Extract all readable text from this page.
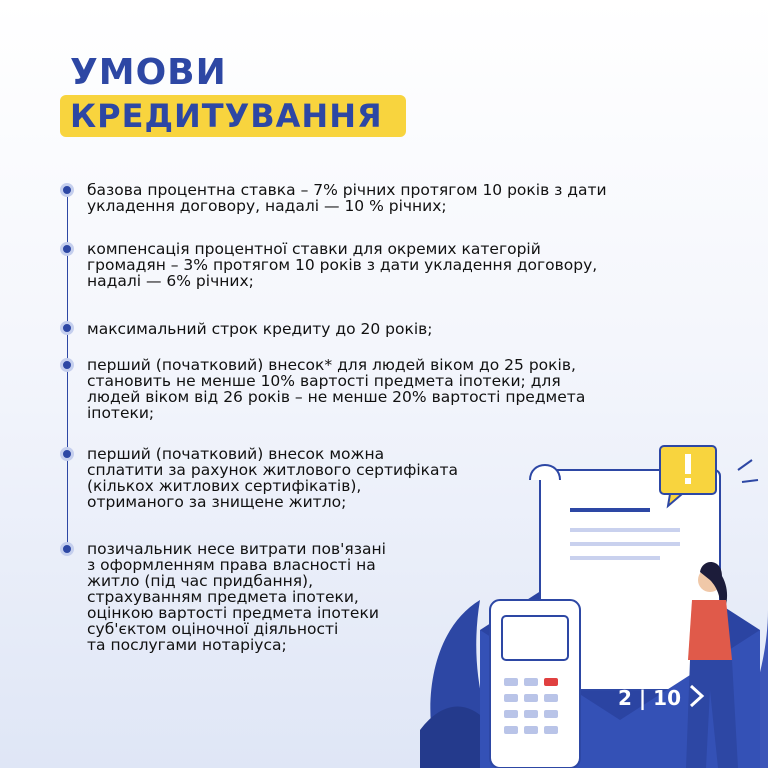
УМОВИ
КРЕДИТУВАННЯ
базова процентна ставка – 7% річних протягом 10 років з дати
укладення договору, надалі — 10 % річних;
компенсація процентної ставки для окремих категорій
громадян – 3% протягом 10 років з дати укладення договору,
надалі — 6% річних;
максимальний строк кредиту до 20 років;
перший (початковий) внесок* для людей віком до 25 років,
становить не менше 10% вартості предмета іпотеки; для
людей віком від 26 років – не менше 20% вартості предмета
іпотеки;
перший (початковий) внесок можна
сплатити за рахунок житлового сертифіката
(кількох житлових сертифікатів),
отриманого за знищене житло;
позичальник несе витрати пов'язані
з оформленням права власності на
житло (під час придбання),
страхуванням предмета іпотеки,
оцінкою вартості предмета іпотеки
суб'єктом оціночної діяльності
та послугами нотаріуса;
2 | 10
